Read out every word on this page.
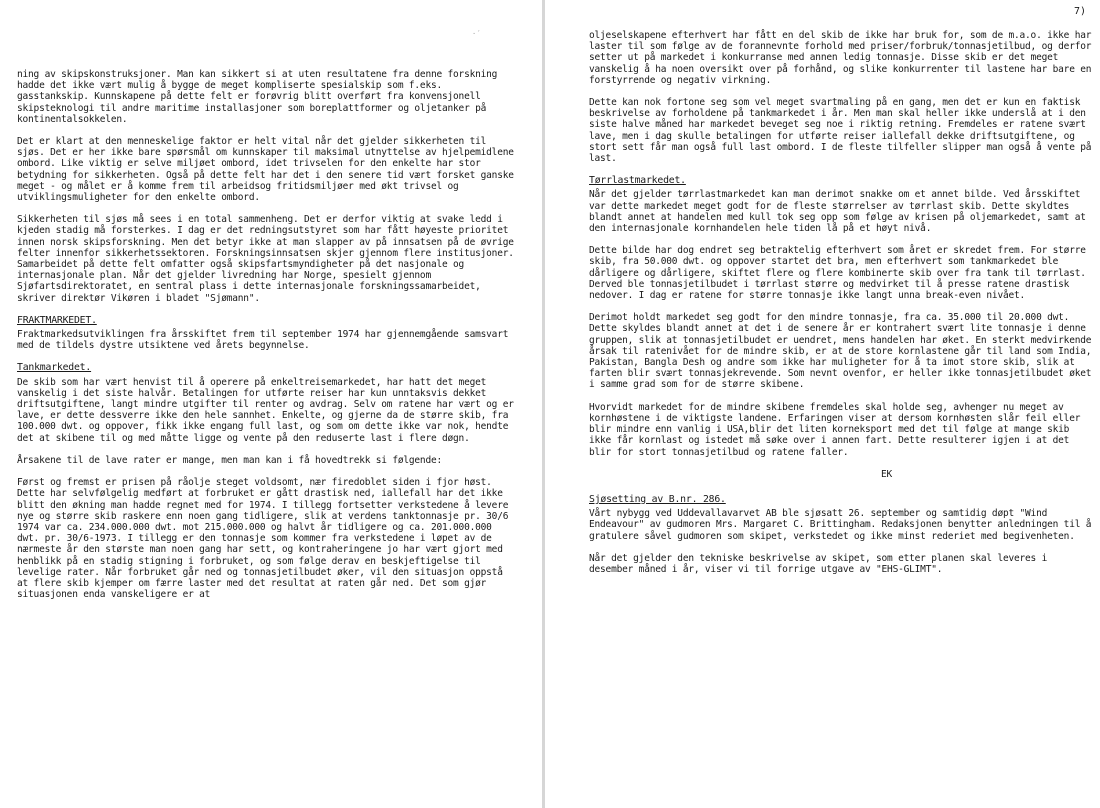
·´

ning av skipskonstruksjoner. Man kan sikkert si at uten resultatene fra denne forskning hadde det ikke vært mulig å bygge de meget kompliserte spesialskip som f.eks. gasstankskip. Kunnskapene på dette felt er forøvrig blitt overført fra konvensjonell skipsteknologi til andre maritime installasjoner som boreplattformer og oljetanker på kontinentalsokkelen.

Det er klart at den menneskelige faktor er helt vital når det gjelder sikkerheten til sjøs. Det er her ikke bare spørsmål om kunnskaper til maksimal utnyttelse av hjelpemidlene ombord. Like viktig er selve miljøet ombord, idet trivselen for den enkelte har stor betydning for sikkerheten. Også på dette felt har det i den senere tid vært forsket ganske meget - og målet er å komme frem til arbeidsog fritidsmiljøer med økt trivsel og utviklingsmuligheter for den enkelte ombord.

Sikkerheten til sjøs må sees i en total sammenheng. Det er derfor viktig at svake ledd i kjeden stadig må forsterkes. I dag er det redningsutstyret som har fått høyeste prioritet innen norsk skipsforskning. Men det betyr ikke at man slapper av på innsatsen på de øvrige felter innenfor sikkerhetssektoren. Forskningsinnsatsen skjer gjennom flere institusjoner. Samarbeidet på dette felt omfatter også skipsfartsmyndigheter på det nasjonale og internasjonale plan. Når det gjelder livredning har Norge, spesielt gjennom Sjøfartsdirektoratet, en sentral plass i dette internasjonale forskningssamarbeidet, skriver direktør Vikøren i bladet "Sjømann".

FRAKTMARKEDET.

Fraktmarkedsutviklingen fra årsskiftet frem til september 1974 har gjennemgående samsvart med de tildels dystre utsiktene ved årets begynnelse.

Tankmarkedet.

De skib som har vært henvist til å operere på enkeltreisemarkedet, har hatt det meget vanskelig i det siste halvår. Betalingen for utførte reiser har kun unntaksvis dekket driftsutgiftene, langt mindre utgifter til renter og avdrag. Selv om ratene har vært og er lave, er dette dessverre ikke den hele sannhet. Enkelte, og gjerne da de større skib, fra 100.000 dwt. og oppover, fikk ikke engang full last, og som om dette ikke var nok, hendte det at skibene til og med måtte ligge og vente på den reduserte last i flere døgn.

Årsakene til de lave rater er mange, men man kan i få hovedtrekk si følgende:

Først og fremst er prisen på råolje steget voldsomt, nær firedoblet siden i fjor høst. Dette har selvfølgelig medført at forbruket er gått drastisk ned, iallefall har det ikke blitt den økning man hadde regnet med for 1974. I tillegg fortsetter verkstedene å levere nye og større skib raskere enn noen gang tidligere, slik at verdens tanktonnasje pr. 30/6 1974 var ca. 234.000.000 dwt. mot 215.000.000 og halvt år tidligere og ca. 201.000.000 dwt. pr. 30/6-1973. I tillegg er den tonnasje som kommer fra verkstedene i løpet av de nærmeste år den største man noen gang har sett, og kontraheringene jo har vært gjort med henblikk på en stadig stigning i forbruket, og som følge derav en beskjeftigelse til levelige rater. Når forbruket går ned og tonnasjetilbudet øker, vil den situasjon oppstå at flere skib kjemper om færre laster med det resultat at raten går ned. Det som gjør situasjonen enda vanskeligere er at

7)

oljeselskapene efterhvert har fått en del skib de ikke har bruk for, som de m.a.o. ikke har laster til som følge av de forannevnte forhold med priser/forbruk/tonnasjetilbud, og derfor setter ut på markedet i konkurranse med annen ledig tonnasje. Disse skib er det meget vanskelig å ha noen oversikt over på forhånd, og slike konkurrenter til lastene har bare en forstyrrende og negativ virkning.

Dette kan nok fortone seg som vel meget svartmaling på en gang, men det er kun en faktisk beskrivelse av forholdene på tankmarkedet i år. Men man skal heller ikke underslå at i den siste halve måned har markedet beveget seg noe i riktig retning. Fremdeles er ratene svært lave, men i dag skulle betalingen for utførte reiser iallefall dekke driftsutgiftene, og stort sett får man også full last ombord. I de fleste tilfeller slipper man også å vente på last.

Tørrlastmarkedet.

Når det gjelder tørrlastmarkedet kan man derimot snakke om et annet bilde. Ved årsskiftet var dette markedet meget godt for de fleste størrelser av tørrlast skib. Dette skyldtes blandt annet at handelen med kull tok seg opp som følge av krisen på oljemarkedet, samt at den internasjonale kornhandelen hele tiden lå på et høyt nivå.

Dette bilde har dog endret seg betraktelig efterhvert som året er skredet frem. For større skib, fra 50.000 dwt. og oppover startet det bra, men efterhvert som tankmarkedet ble dårligere og dårligere, skiftet flere og flere kombinerte skib over fra tank til tørrlast. Derved ble tonnasjetilbudet i tørrlast større og medvirket til å presse ratene drastisk nedover. I dag er ratene for større tonnasje ikke langt unna break-even nivået.

Derimot holdt markedet seg godt for den mindre tonnasje, fra ca. 35.000 til 20.000 dwt. Dette skyldes blandt annet at det i de senere år er kontrahert svært lite tonnasje i denne gruppen, slik at tonnasjetilbudet er uendret, mens handelen har øket. En sterkt medvirkende årsak til ratenivået for de mindre skib, er at de store kornlastene går til land som India, Pakistan, Bangla Desh og andre som ikke har muligheter for å ta imot store skib, slik at farten blir svært tonnasjekrevende. Som nevnt ovenfor, er heller ikke tonnasjetilbudet øket i samme grad som for de større skibene.

Hvorvidt markedet for de mindre skibene fremdeles skal holde seg, avhenger nu meget av kornhøstene i de viktigste landene. Erfaringen viser at dersom kornhøsten slår feil eller blir mindre enn vanlig i USA,blir det liten korneksport med det til følge at mange skib ikke får kornlast og istedet må søke over i annen fart. Dette resulterer igjen i at det blir for stort tonnasjetilbud og ratene faller.

EK

Sjøsetting av B.nr. 286.

Vårt nybygg ved Uddevallavarvet AB ble sjøsatt 26. september og samtidig døpt "Wind Endeavour" av gudmoren Mrs. Margaret C. Brittingham. Redaksjonen benytter anledningen til å gratulere såvel gudmoren som skipet, verkstedet og ikke minst rederiet med begivenheten.

Når det gjelder den tekniske beskrivelse av skipet, som etter planen skal leveres i desember måned i år, viser vi til forrige utgave av "EHS-GLIMT".
